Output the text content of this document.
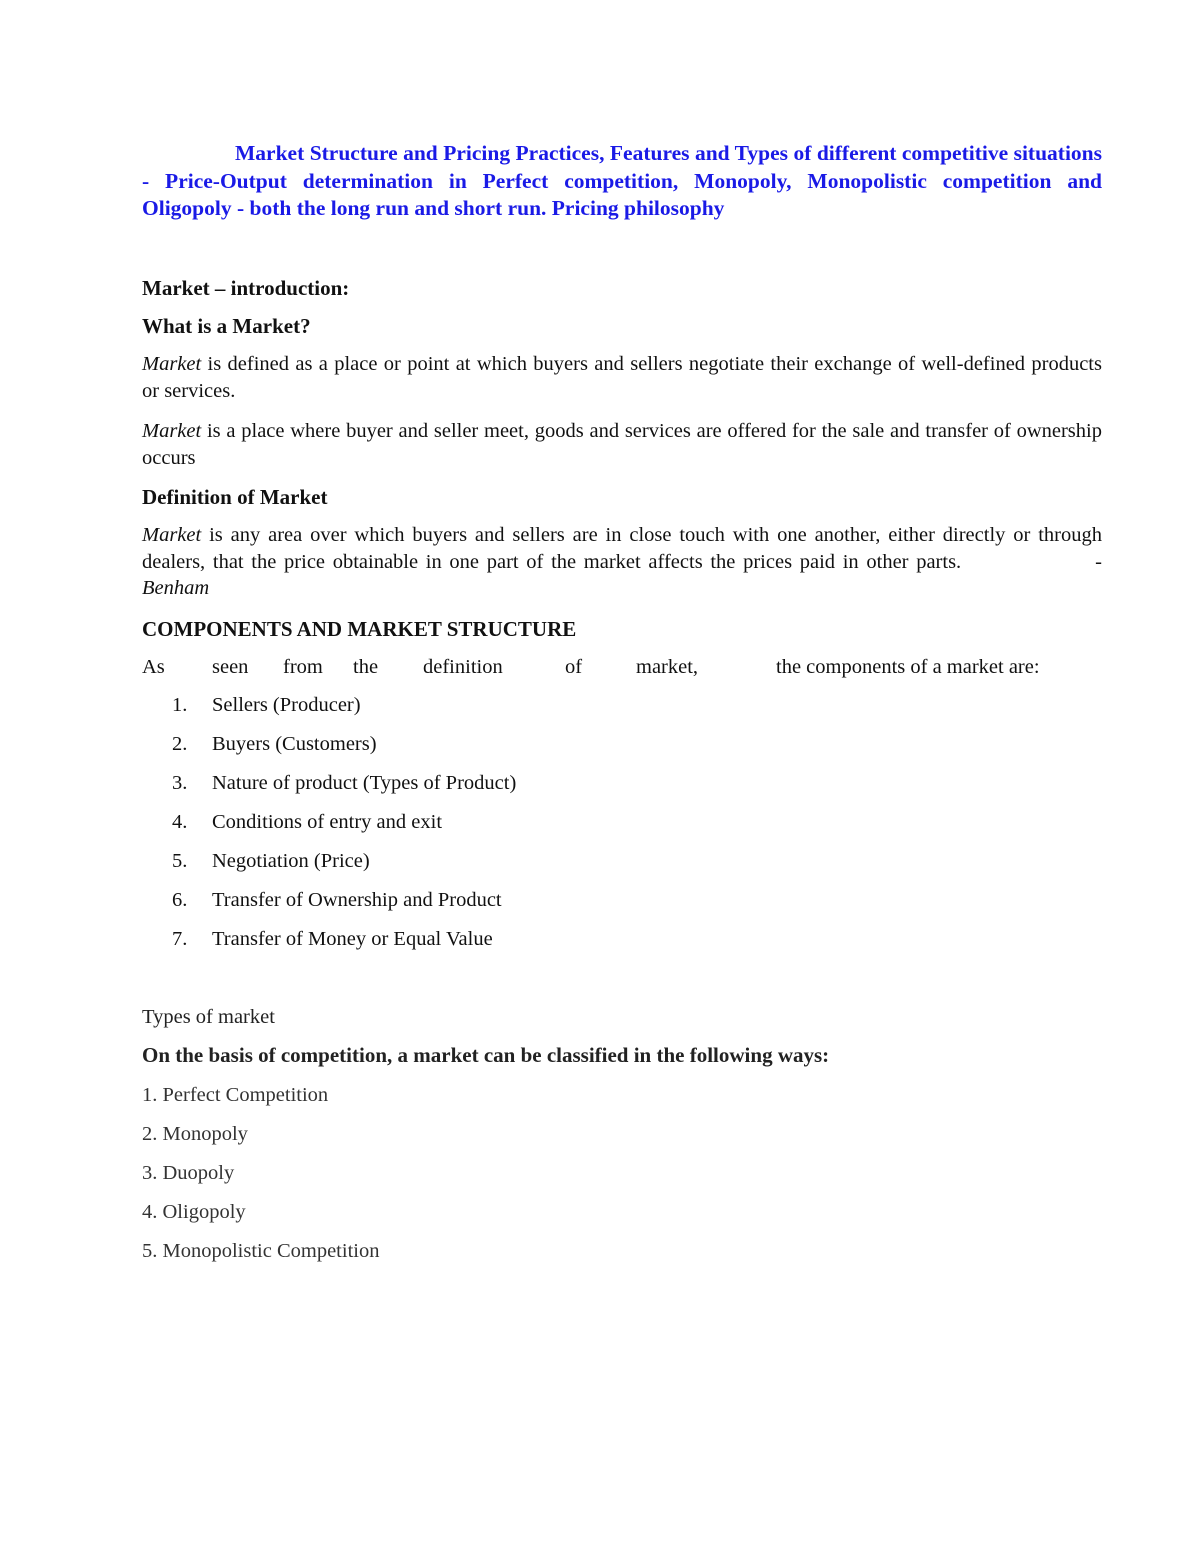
Market Structure and Pricing Practices, Features and Types of different competitive situations - Price-Output determination in Perfect competition, Monopoly, Monopolistic competition and Oligopoly - both the long run and short run. Pricing philosophy
Market – introduction:
What is a Market?
Market is defined as a place or point at which buyers and sellers negotiate their exchange of well-defined products or services.
Market is a place where buyer and seller meet, goods and services are offered for the sale and transfer of ownership occurs
Definition of Market
Market is any area over which buyers and sellers are in close touch with one another, either directly or through dealers, that the price obtainable in one part of the market affects the prices paid in other parts.	- Benham
COMPONENTS AND MARKET STRUCTURE
As	seen	from	the	definition	of	market,	the components of a market are:
1. Sellers (Producer)
2. Buyers (Customers)
3. Nature of product (Types of Product)
4. Conditions of entry and exit
5. Negotiation (Price)
6. Transfer of Ownership and Product
7. Transfer of Money or Equal Value
Types of market
On the basis of competition, a market can be classified in the following ways:
1. Perfect Competition
2. Monopoly
3. Duopoly
4. Oligopoly
5. Monopolistic Competition
